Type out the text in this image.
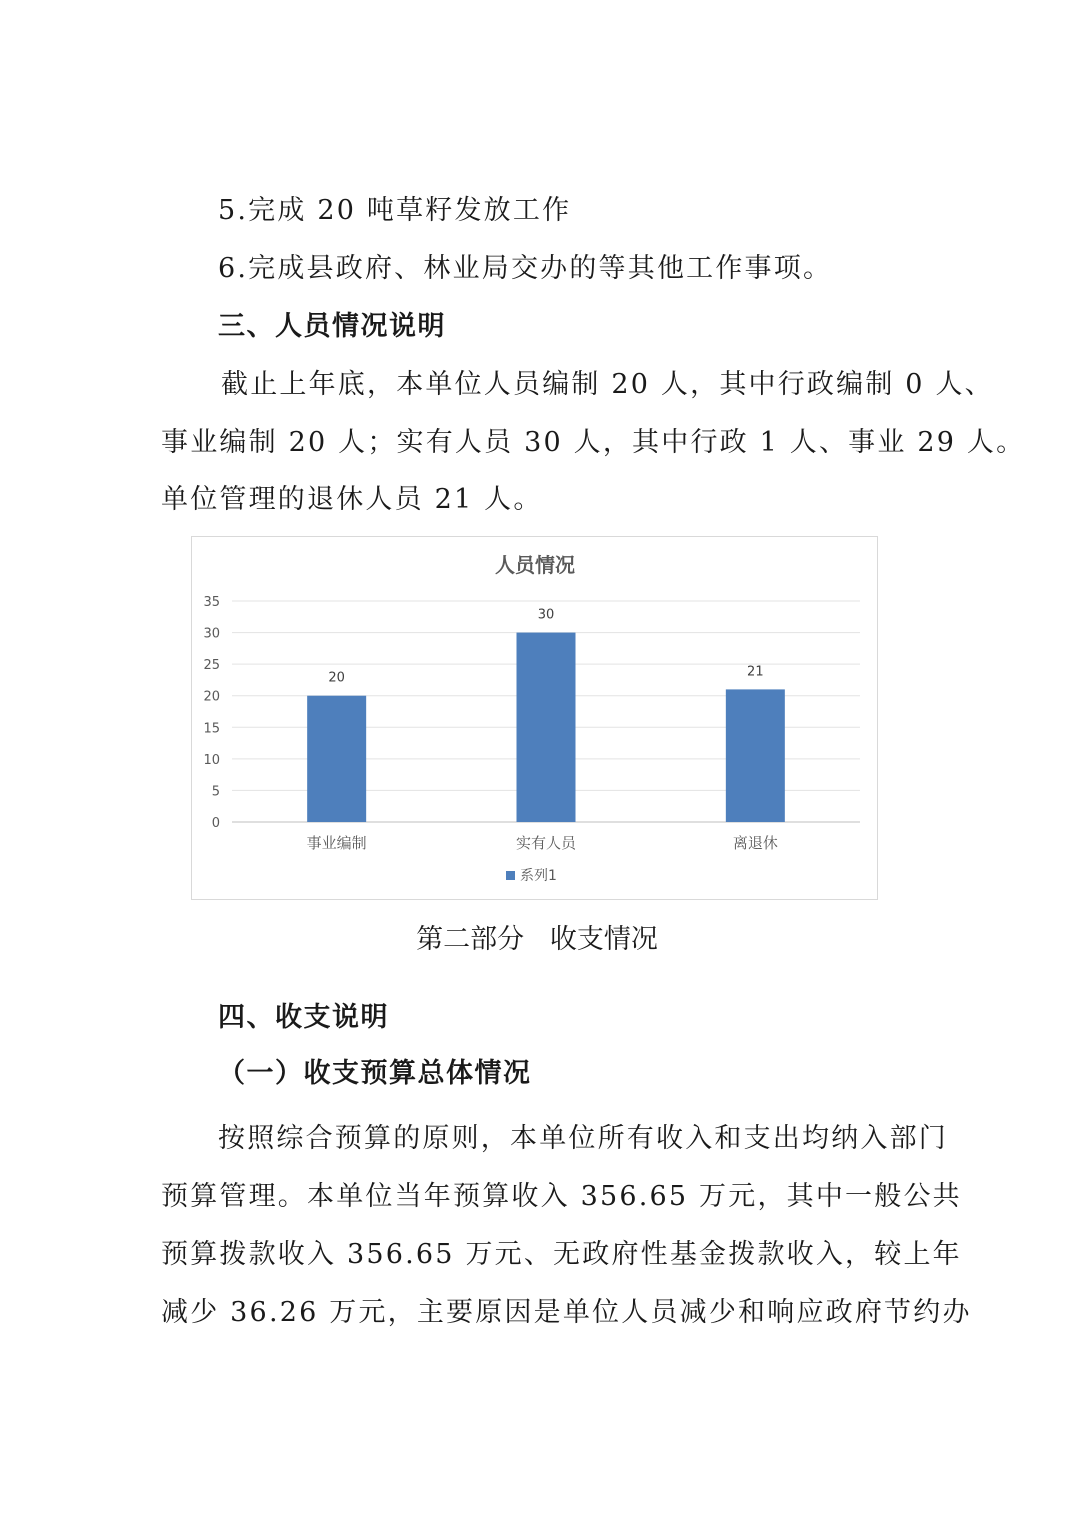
5.完成 20 吨草籽发放工作
6.完成县政府、林业局交办的等其他工作事项。
三、人员情况说明
截止上年底，本单位人员编制 20 人，其中行政编制 0 人、
事业编制 20 人；实有人员 30 人，其中行政 1 人、事业 29 人。
单位管理的退休人员 21 人。
人员情况
0
5
10
15
20
25
30
35
20
30
21
事业编制	实有人员	离退休
系列1
第二部分   收支情况
四、收支说明
（一）收支预算总体情况
按照综合预算的原则，本单位所有收入和支出均纳入部门
预算管理。本单位当年预算收入 356.65 万元，其中一般公共
预算拨款收入 356.65 万元、无政府性基金拨款收入，较上年
减少 36.26 万元，主要原因是单位人员减少和响应政府节约办
